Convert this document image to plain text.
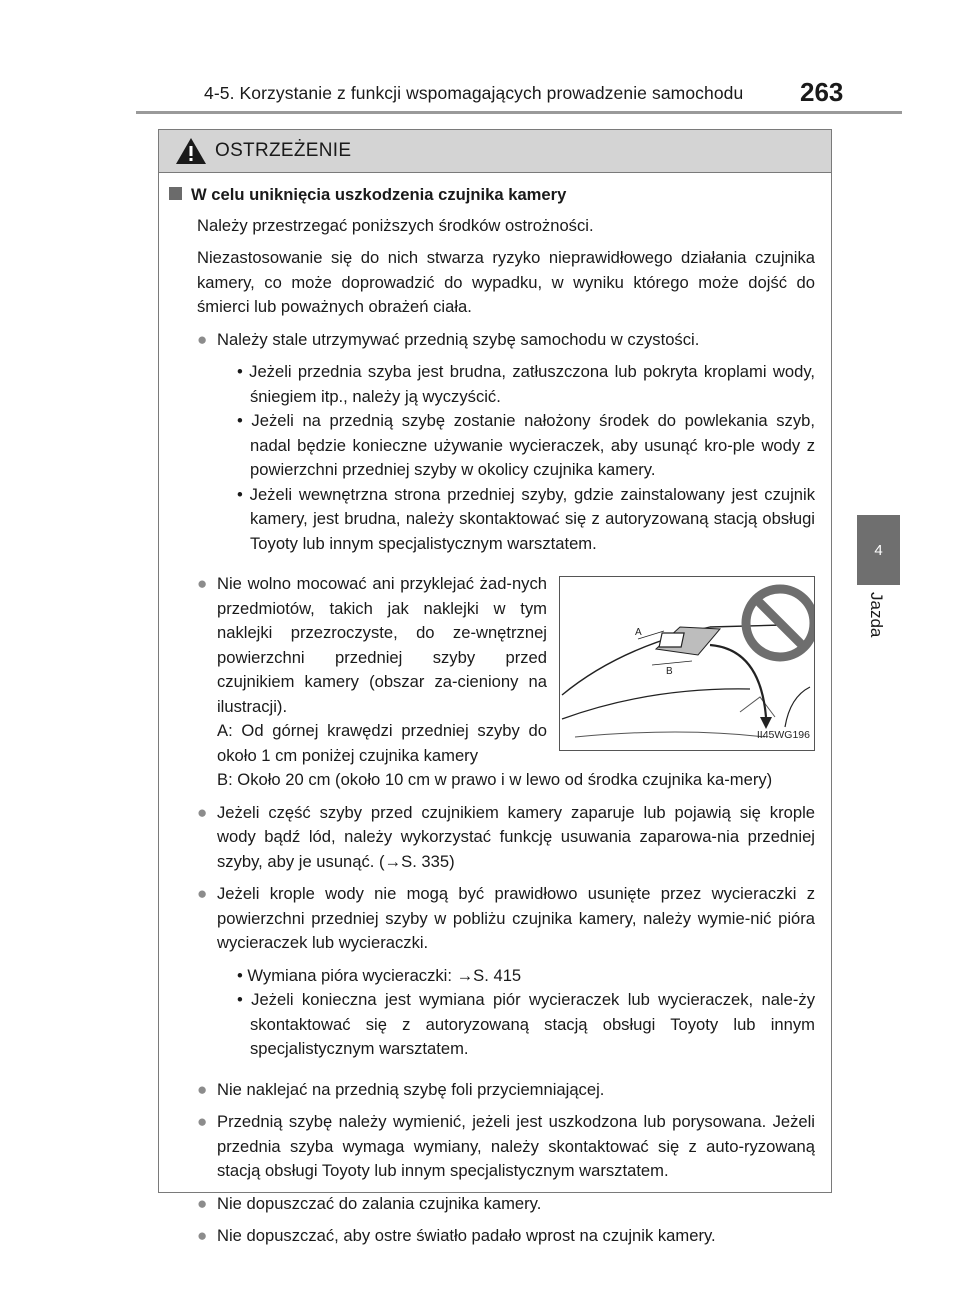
4-5. Korzystanie z funkcji wspomagających prowadzenie samochodu 263
4
Jazda
OSTRZEŻENIE
W celu uniknięcia uszkodzenia czujnika kamery
Należy przestrzegać poniższych środków ostrożności.
Niezastosowanie się do nich stwarza ryzyko nieprawidłowego działania czujnika kamery, co może doprowadzić do wypadku, w wyniku którego może dojść do śmierci lub poważnych obrażeń ciała.
● Należy stale utrzymywać przednią szybę samochodu w czystości.
• Jeżeli przednia szyba jest brudna, zatłuszczona lub pokryta kroplami wody, śniegiem itp., należy ją wyczyścić.
• Jeżeli na przednią szybę zostanie nałożony środek do powlekania szyb, nadal będzie konieczne używanie wycieraczek, aby usunąć kro-ple wody z powierzchni przedniej szyby w okolicy czujnika kamery.
• Jeżeli wewnętrzna strona przedniej szyby, gdzie zainstalowany jest czujnik kamery, jest brudna, należy skontaktować się z autoryzowaną stacją obsługi Toyoty lub innym specjalistycznym warsztatem.
● Nie wolno mocować ani przyklejać żad-nych przedmiotów, takich jak naklejki w tym naklejki przezroczyste, do ze-wnętrznej powierzchni przedniej szyby przed czujnikiem kamery (obszar za-cieniony na ilustracji).
A: Od górnej krawędzi przedniej szyby do około 1 cm poniżej czujnika kamery
A
B
II45WG196
B: Około 20 cm (około 10 cm w prawo i w lewo od środka czujnika ka-mery)
● Jeżeli część szyby przed czujnikiem kamery zaparuje lub pojawią się krople wody bądź lód, należy wykorzystać funkcję usuwania zaparowa-nia przedniej szyby, aby je usunąć. (→S. 335)
● Jeżeli krople wody nie mogą być prawidłowo usunięte przez wycieraczki z powierzchni przedniej szyby w pobliżu czujnika kamery, należy wymie-nić pióra wycieraczek lub wycieraczki.
• Wymiana pióra wycieraczki: →S. 415
• Jeżeli konieczna jest wymiana piór wycieraczek lub wycieraczek, nale-ży skontaktować się z autoryzowaną stacją obsługi Toyoty lub innym specjalistycznym warsztatem.
● Nie naklejać na przednią szybę foli przyciemniającej.
● Przednią szybę należy wymienić, jeżeli jest uszkodzona lub porysowana. Jeżeli przednia szyba wymaga wymiany, należy skontaktować się z auto-ryzowaną stacją obsługi Toyoty lub innym specjalistycznym warsztatem.
● Nie dopuszczać do zalania czujnika kamery.
● Nie dopuszczać, aby ostre światło padało wprost na czujnik kamery.
